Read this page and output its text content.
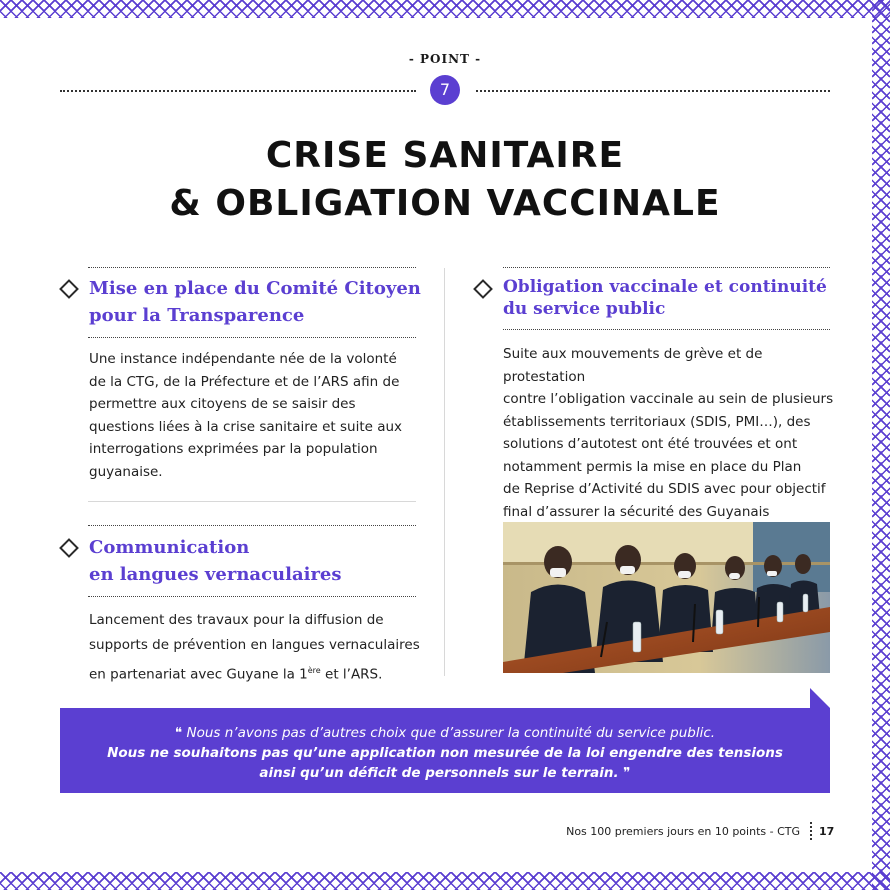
- POINT -
7
CRISE SANITAIRE
& OBLIGATION VACCINALE
Mise en place du Comité Citoyen
pour la Transparence
Une instance indépendante née de la volonté
de la CTG, de la Préfecture et de l’ARS afin de
permettre aux citoyens de se saisir des
questions liées à la crise sanitaire et suite aux
interrogations exprimées par la population
guyanaise.
Communication
en langues vernaculaires
Lancement des travaux pour la diffusion de
supports de prévention en langues vernaculaires
en partenariat avec Guyane la 1ère et l’ARS.
Obligation vaccinale et continuité
du service public
Suite aux mouvements de grève et de protestation
contre l’obligation vaccinale au sein de plusieurs
établissements territoriaux (SDIS, PMI…), des
solutions d’autotest ont été trouvées et ont
notamment permis la mise en place du Plan
de Reprise d’Activité du SDIS avec pour objectif
final d’assurer la sécurité des Guyanais
❝ Nous n’avons pas d’autres choix que d’assurer la continuité du service public.
Nous ne souhaitons pas qu’une application non mesurée de la loi engendre des tensions
ainsi qu’un déficit de personnels sur le terrain. ❞
Nos 100 premiers jours en 10 points - CTG 17
